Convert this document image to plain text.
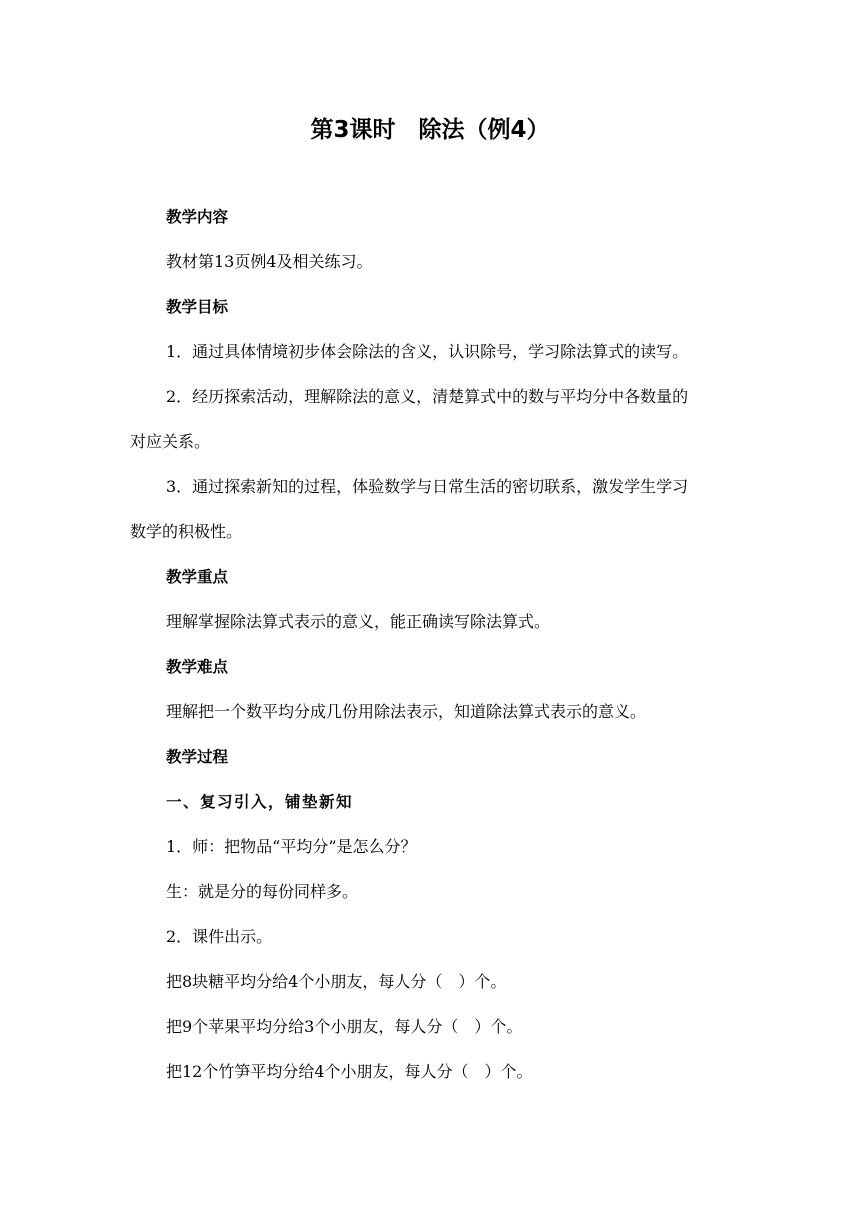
第3课时　除法（例4）
教学内容
教材第13页例4及相关练习。
教学目标
1．通过具体情境初步体会除法的含义，认识除号，学习除法算式的读写。
2．经历探索活动，理解除法的意义，清楚算式中的数与平均分中各数量的
对应关系。
3．通过探索新知的过程，体验数学与日常生活的密切联系，激发学生学习
数学的积极性。
教学重点
理解掌握除法算式表示的意义，能正确读写除法算式。
教学难点
理解把一个数平均分成几份用除法表示，知道除法算式表示的意义。
教学过程
一、复习引入，铺垫新知
1．师：把物品“平均分”是怎么分？
生：就是分的每份同样多。
2．课件出示。
把8块糖平均分给4个小朋友，每人分（　）个。
把9个苹果平均分给3个小朋友，每人分（　）个。
把12个竹笋平均分给4个小朋友，每人分（　）个。
